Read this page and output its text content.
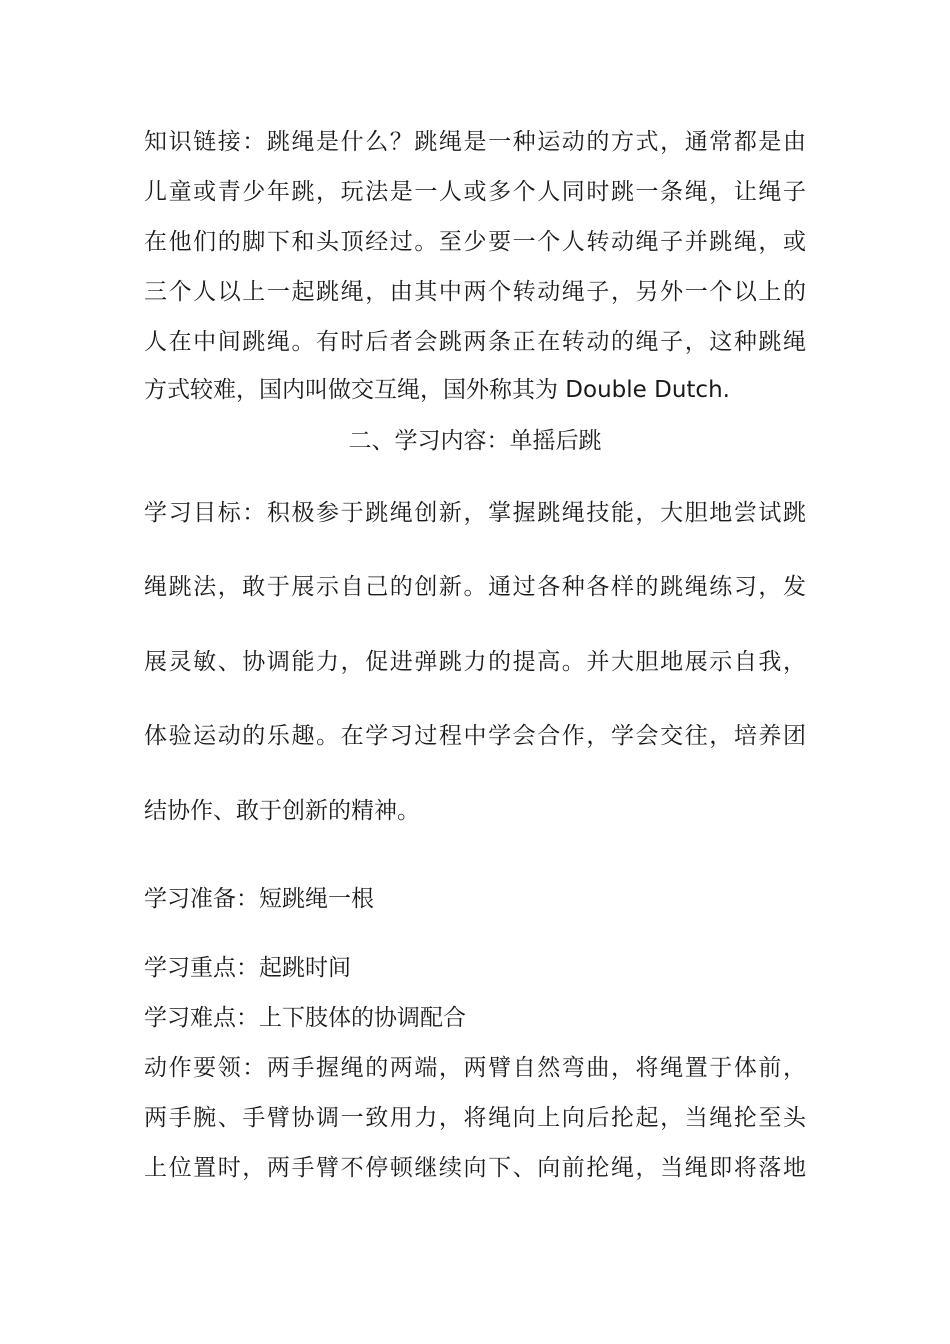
知识链接：跳绳是什么？跳绳是一种运动的方式，通常都是由
儿童或青少年跳，玩法是一人或多个人同时跳一条绳，让绳子
在他们的脚下和头顶经过。至少要一个人转动绳子并跳绳，或
三个人以上一起跳绳，由其中两个转动绳子，另外一个以上的
人在中间跳绳。有时后者会跳两条正在转动的绳子，这种跳绳
方式较难，国内叫做交互绳，国外称其为 Double Dutch.
二、学习内容：单摇后跳
学习目标：积极参于跳绳创新，掌握跳绳技能，大胆地尝试跳
绳跳法，敢于展示自己的创新。通过各种各样的跳绳练习，发
展灵敏、协调能力，促进弹跳力的提高。并大胆地展示自我，
体验运动的乐趣。在学习过程中学会合作，学会交往，培养团
结协作、敢于创新的精神。
学习准备：短跳绳一根
学习重点：起跳时间
学习难点：上下肢体的协调配合
动作要领：两手握绳的两端，两臂自然弯曲，将绳置于体前，
两手腕、手臂协调一致用力，将绳向上向后抡起，当绳抡至头
上位置时，两手臂不停顿继续向下、向前抡绳，当绳即将落地
